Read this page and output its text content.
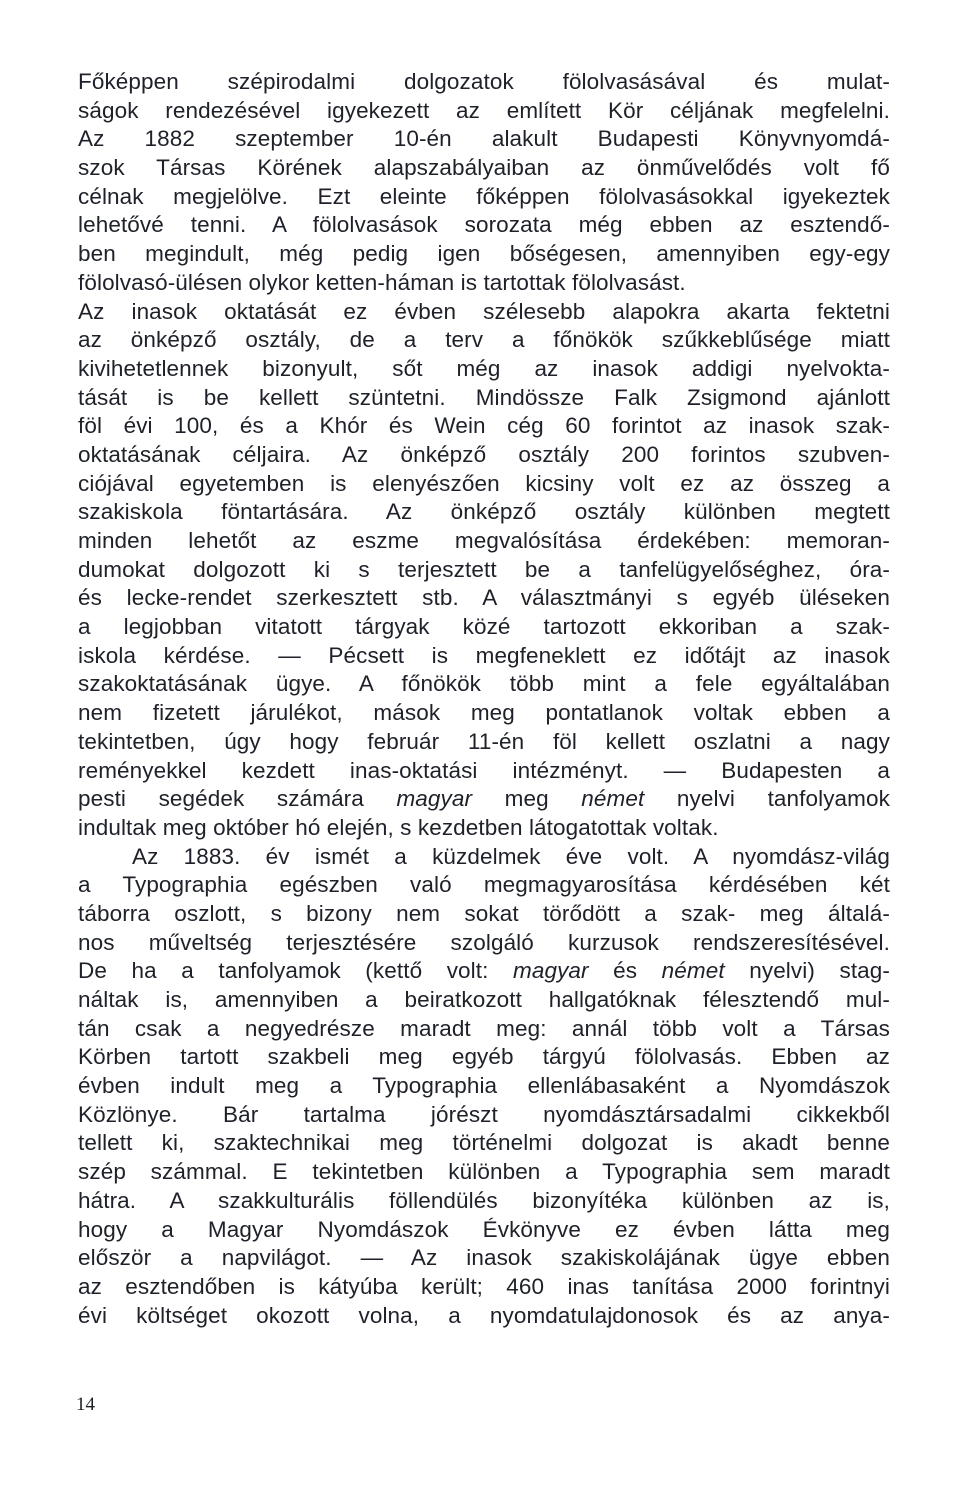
Főképpen szépirodalmi dolgozatok fölolvasásával és mulat-
ságok rendezésével igyekezett az említett Kör céljának megfelelni.
Az 1882 szeptember 10-én alakult Budapesti Könyvnyomdá-
szok Társas Körének alapszabályaiban az önművelődés volt fő
célnak megjelölve. Ezt eleinte főképpen fölolvasásokkal igyekeztek
lehetővé tenni. A fölolvasások sorozata még ebben az esztendő-
ben megindult, még pedig igen bőségesen, amennyiben egy-egy
fölolvasó-ülésen olykor ketten-háman is tartottak fölolvasást.
Az inasok oktatását ez évben szélesebb alapokra akarta fektetni
az önképző osztály, de a terv a főnökök szűkkeblűsége miatt
kivihetetlennek bizonyult, sőt még az inasok addigi nyelvokta-
tását is be kellett szüntetni. Mindössze Falk Zsigmond ajánlott
föl évi 100, és a Khór és Wein cég 60 forintot az inasok szak-
oktatásának céljaira. Az önképző osztály 200 forintos szubven-
ciójával egyetemben is elenyészően kicsiny volt ez az összeg a
szakiskola föntartására. Az önképző osztály különben megtett
minden lehetőt az eszme megvalósítása érdekében: memoran-
dumokat dolgozott ki s terjesztett be a tanfelügyelőséghez, óra-
és lecke-rendet szerkesztett stb. A választmányi s egyéb üléseken
a legjobban vitatott tárgyak közé tartozott ekkoriban a szak-
iskola kérdése. — Pécsett is megfeneklett ez időtájt az inasok
szakoktatásának ügye. A főnökök több mint a fele egyáltalában
nem fizetett járulékot, mások meg pontatlanok voltak ebben a
tekintetben, úgy hogy február 11-én föl kellett oszlatni a nagy
reményekkel kezdett inas-oktatási intézményt. — Budapesten a
pesti segédek számára magyar meg német nyelvi tanfolyamok
indultak meg október hó elején, s kezdetben látogatottak voltak.
Az 1883. év ismét a küzdelmek éve volt. A nyomdász-világ
a Typographia egészben való megmagyarosítása kérdésében két
táborra oszlott, s bizony nem sokat törődött a szak- meg általá-
nos műveltség terjesztésére szolgáló kurzusok rendszeresítésével.
De ha a tanfolyamok (kettő volt: magyar és német nyelvi) stag-
náltak is, amennyiben a beiratkozott hallgatóknak félesztendő mul-
tán csak a negyedrésze maradt meg: annál több volt a Társas
Körben tartott szakbeli meg egyéb tárgyú fölolvasás. Ebben az
évben indult meg a Typographia ellenlábasaként a Nyomdászok
Közlönye. Bár tartalma jórészt nyomdásztársadalmi cikkekből
tellett ki, szaktechnikai meg történelmi dolgozat is akadt benne
szép számmal. E tekintetben különben a Typographia sem maradt
hátra. A szakkulturális föllendülés bizonyítéka különben az is,
hogy a Magyar Nyomdászok Évkönyve ez évben látta meg
először a napvilágot. — Az inasok szakiskolájának ügye ebben
az esztendőben is kátyúba került; 460 inas tanítása 2000 forintnyi
évi költséget okozott volna, a nyomdatulajdonosok és az anya-
14
